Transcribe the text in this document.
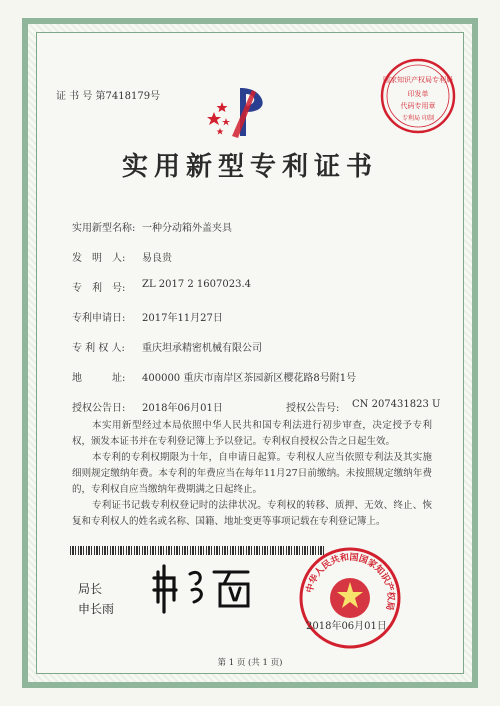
证 书 号 第7418179号
国家知识产权局专利局
印发单
代码专用章
专利局 印制
实用新型专利证书
实用新型名称: 一种分动箱外盖夹具
发　明　人: 易良贵
专　利　号: ZL 2017 2 1607023.4
专利申请日: 2017年11月27日
专 利 权 人: 重庆坦承精密机械有限公司
地　　　址: 400000 重庆市南岸区茶园新区樱花路8号附1号
授权公告日: 2018年06月01日	授权公告号: CN 207431823 U
本实用新型经过本局依照中华人民共和国专利法进行初步审查，决定授予专利权，颁发本证书并在专利登记簿上予以登记。专利权自授权公告之日起生效。
本专利的专利权期限为十年，自申请日起算。专利权人应当依照专利法及其实施细则规定缴纳年费。本专利的年费应当在每年11月27日前缴纳。未按照规定缴纳年费的，专利权自应当缴纳年费期满之日起终止。
专利证书记载专利权登记时的法律状况。专利权的转移、质押、无效、终止、恢复和专利权人的姓名或名称、国籍、地址变更等事项记载在专利登记簿上。
局长
申长雨
中华人民共和国国家知识产权局
2018年06月01日
第 1 页 (共 1 页)
